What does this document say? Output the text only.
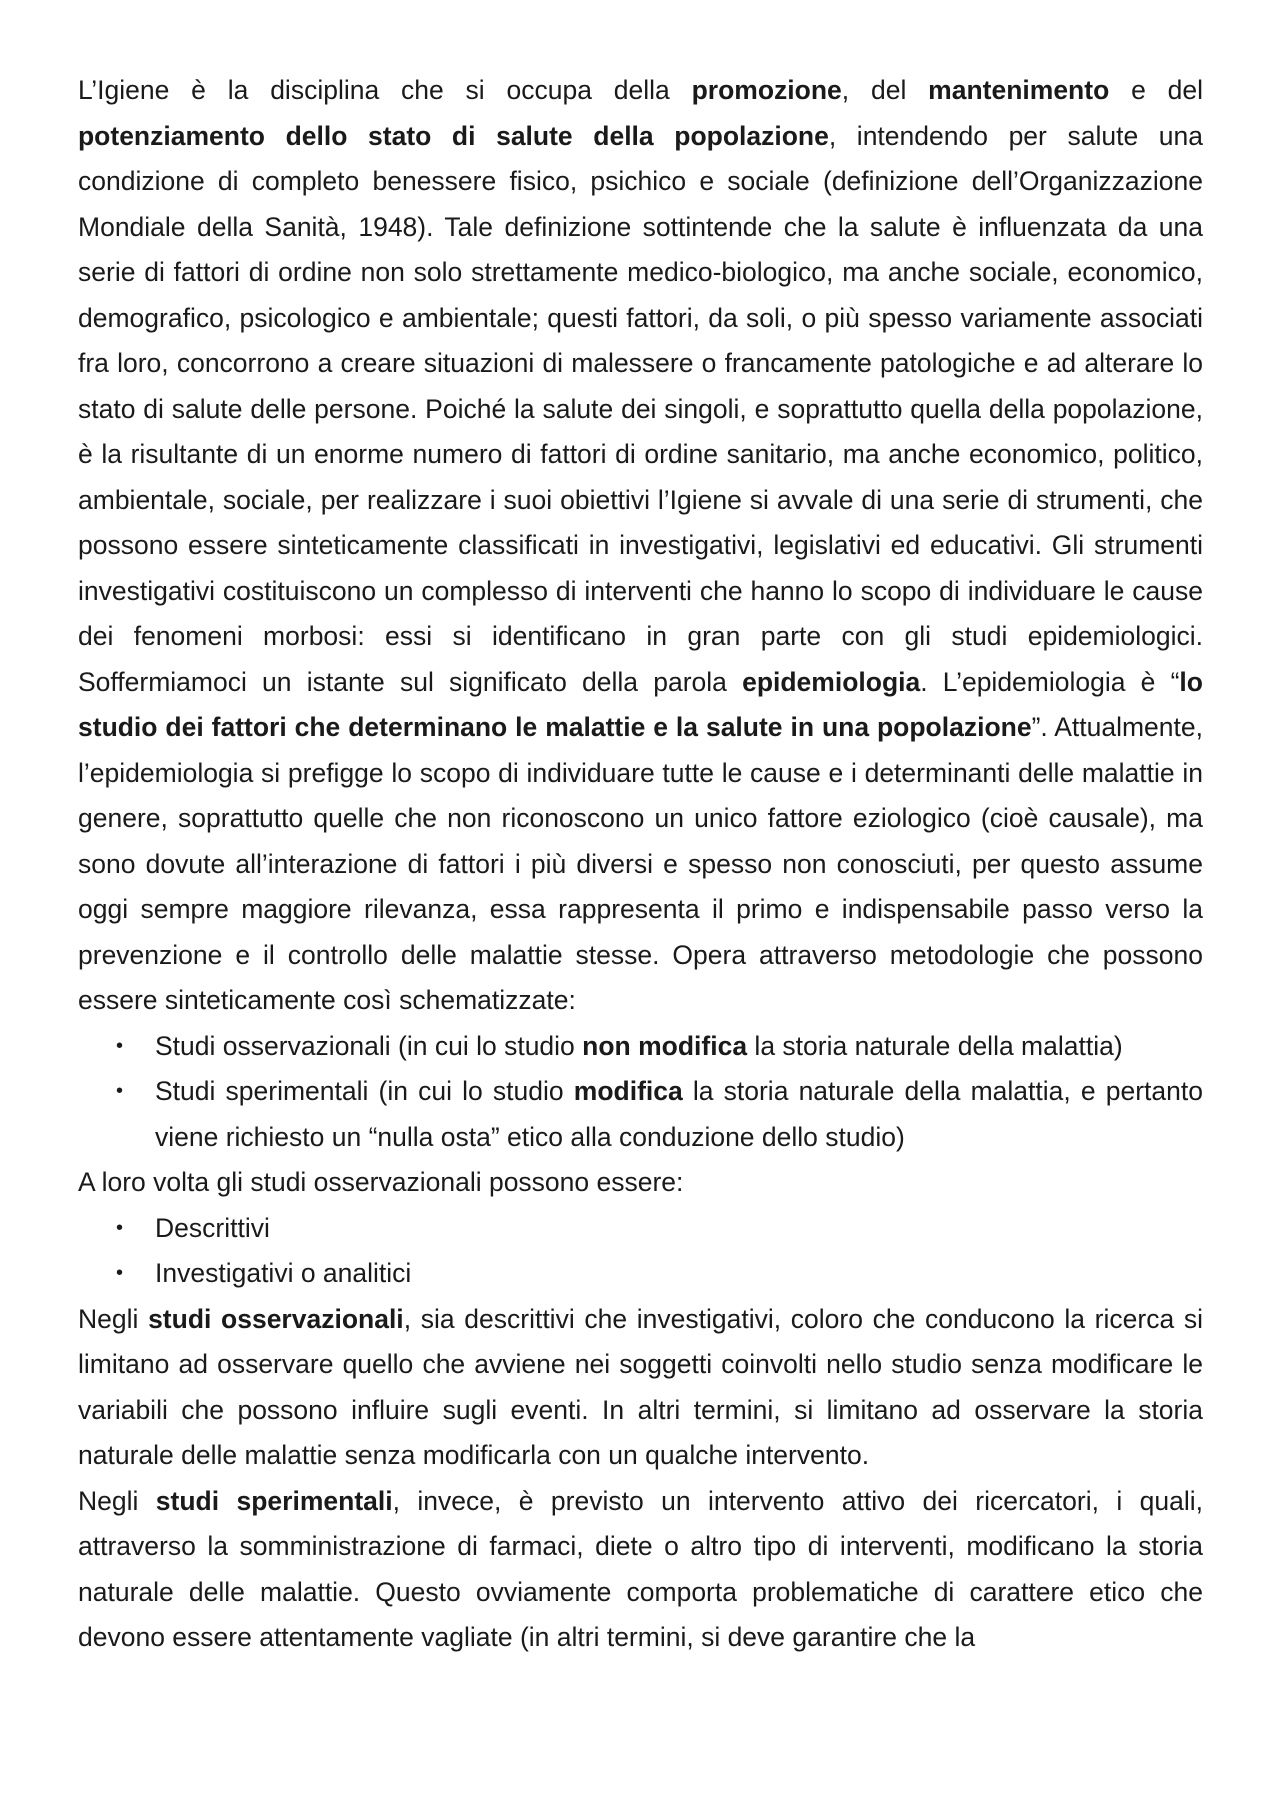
L’Igiene è la disciplina che si occupa della promozione, del mantenimento e del potenziamento dello stato di salute della popolazione, intendendo per salute una condizione di completo benessere fisico, psichico e sociale (definizione dell’Organizzazione Mondiale della Sanità, 1948). Tale definizione sottintende che la salute è influenzata da una serie di fattori di ordine non solo strettamente medico-biologico, ma anche sociale, economico, demografico, psicologico e ambientale; questi fattori, da soli, o più spesso variamente associati fra loro, concorrono a creare situazioni di malessere o francamente patologiche e ad alterare lo stato di salute delle persone. Poiché la salute dei singoli, e soprattutto quella della popolazione, è la risultante di un enorme numero di fattori di ordine sanitario, ma anche economico, politico, ambientale, sociale, per realizzare i suoi obiettivi l’Igiene si avvale di una serie di strumenti, che possono essere sinteticamente classificati in investigativi, legislativi ed educativi. Gli strumenti investigativi costituiscono un complesso di interventi che hanno lo scopo di individuare le cause dei fenomeni morbosi: essi si identificano in gran parte con gli studi epidemiologici. Soffermiamoci un istante sul significato della parola epidemiologia. L’epidemiologia è “lo studio dei fattori che determinano le malattie e la salute in una popolazione”. Attualmente, l’epidemiologia si prefigge lo scopo di individuare tutte le cause e i determinanti delle malattie in genere, soprattutto quelle che non riconoscono un unico fattore eziologico (cioè causale), ma sono dovute all’interazione di fattori i più diversi e spesso non conosciuti, per questo assume oggi sempre maggiore rilevanza, essa rappresenta il primo e indispensabile passo verso la prevenzione e il controllo delle malattie stesse. Opera attraverso metodologie che possono essere sinteticamente così schematizzate:

• Studi osservazionali (in cui lo studio non modifica la storia naturale della malattia)
• Studi sperimentali (in cui lo studio modifica la storia naturale della malattia, e pertanto viene richiesto un “nulla osta” etico alla conduzione dello studio)

A loro volta gli studi osservazionali possono essere:

• Descrittivi
• Investigativi o analitici

Negli studi osservazionali, sia descrittivi che investigativi, coloro che conducono la ricerca si limitano ad osservare quello che avviene nei soggetti coinvolti nello studio senza modificare le variabili che possono influire sugli eventi. In altri termini, si limitano ad osservare la storia naturale delle malattie senza modificarla con un qualche intervento.

Negli studi sperimentali, invece, è previsto un intervento attivo dei ricercatori, i quali, attraverso la somministrazione di farmaci, diete o altro tipo di interventi, modificano la storia naturale delle malattie. Questo ovviamente comporta problematiche di carattere etico che devono essere attentamente vagliate (in altri termini, si deve garantire che la
